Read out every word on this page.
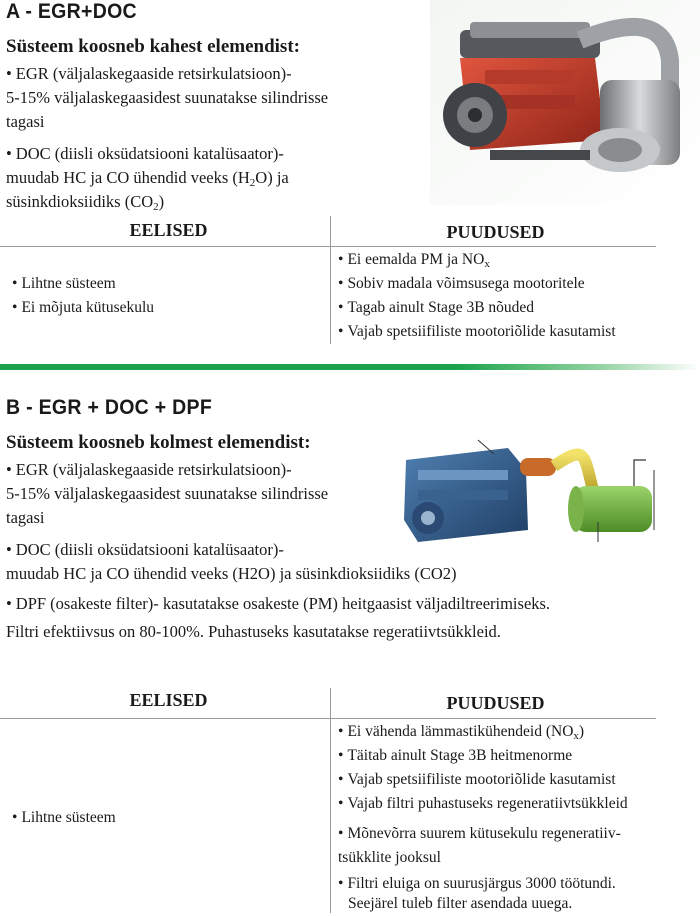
A - EGR+DOC
Süsteem koosneb kahest elemendist:
• EGR (väljalaskegaaside retsirkulatsioon)-
5-15% väljalaskegaasidest suunatakse silindrisse
tagasi
• DOC (diisli oksüdatsiooni katalüsaator)-
muudab HC ja CO ühendid veeks $(H_2O)$ ja
süsinkdioksiidiks $(CO_2)$
EELISED	PUUDUSED
• Lihtne süsteem
• Ei mõjuta kütusekulu
• Ei eemalda PM ja $NO_x$
• Sobiv madala võimsusega mootoritele
• Tagab ainult Stage 3B nõuded
• Vajab spetsiifiliste mootoriõlide kasutamist
B - EGR + DOC + DPF
Süsteem koosneb kolmest elemendist:
• EGR (väljalaskegaaside retsirkulatsioon)-
5-15% väljalaskegaasidest suunatakse silindrisse
tagasi
• DOC (diisli oksüdatsiooni katalüsaator)-
muudab HC ja CO ühendid veeks (H2O) ja süsinkdioksiidiks (CO2)
• DPF (osakeste filter)- kasutatakse osakeste (PM) heitgaasist väljadiltreerimiseks.
Filtri efektiivsus on 80-100%. Puhastuseks kasutatakse regeratiivtsükkleid.
EELISED	PUUDUSED
• Lihtne süsteem
• Ei vähenda lämmastikühendeid $(NO_x)$
• Täitab ainult Stage 3B heitmenorme
• Vajab spetsiifiliste mootoriõlide kasutamist
• Vajab filtri puhastuseks regeneratiivtsükkleid
• Mõnevõrra suurem kütusekulu regeneratiiv-
tsükklite jooksul
• Filtri eluiga on suurusjärgus 3000 töötundi.
Seejärel tuleb filter asendada uuega.
